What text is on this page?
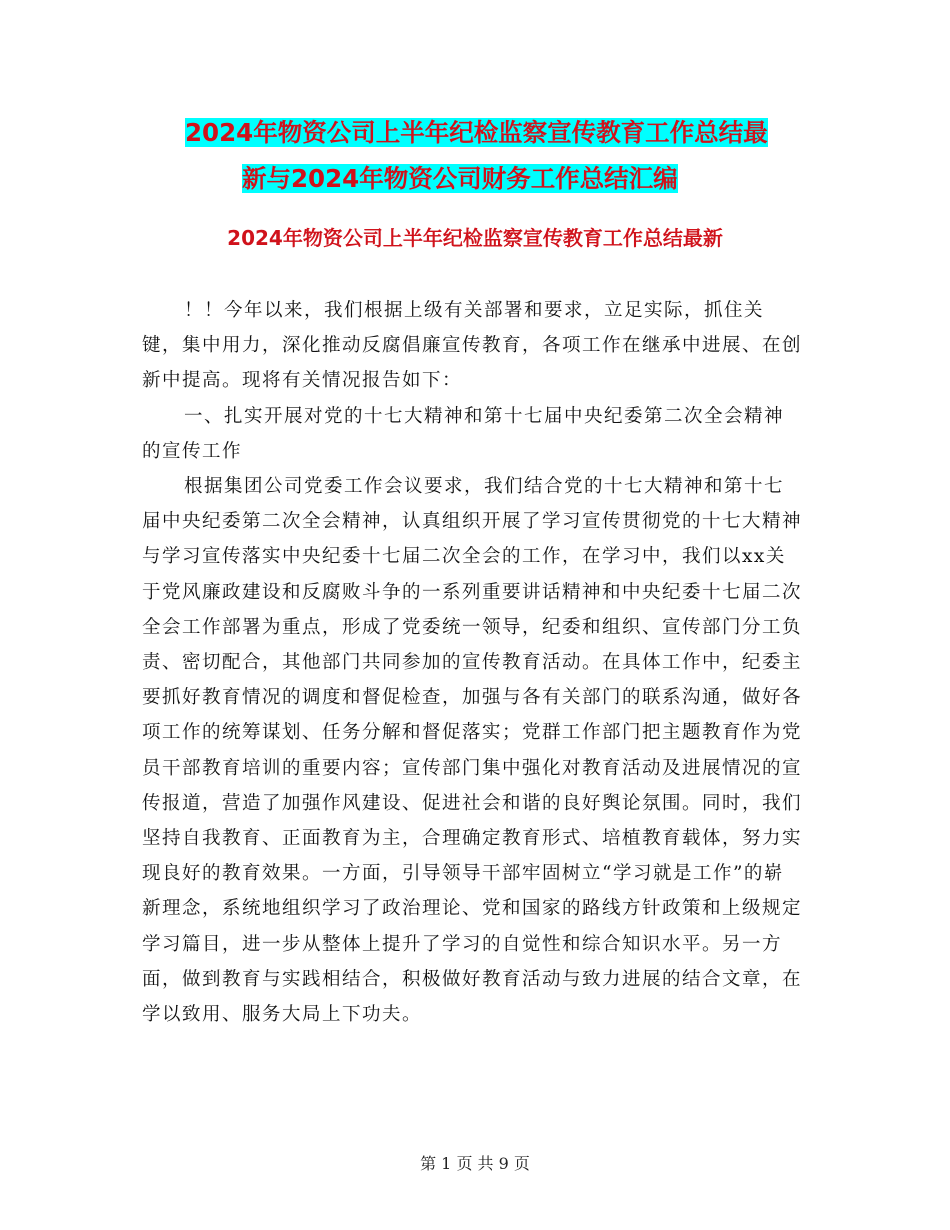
2024年物资公司上半年纪检监察宣传教育工作总结最
新与2024年物资公司财务工作总结汇编
2024年物资公司上半年纪检监察宣传教育工作总结最新

！！今年以来，我们根据上级有关部署和要求，立足实际，抓住关键，集中用力，深化推动反腐倡廉宣传教育，各项工作在继承中进展、在创新中提高。现将有关情况报告如下：

一、扎实开展对党的十七大精神和第十七届中央纪委第二次全会精神的宣传工作

根据集团公司党委工作会议要求，我们结合党的十七大精神和第十七届中央纪委第二次全会精神，认真组织开展了学习宣传贯彻党的十七大精神与学习宣传落实中央纪委十七届二次全会的工作，在学习中，我们以xx关于党风廉政建设和反腐败斗争的一系列重要讲话精神和中央纪委十七届二次全会工作部署为重点，形成了党委统一领导，纪委和组织、宣传部门分工负责、密切配合，其他部门共同参加的宣传教育活动。在具体工作中，纪委主要抓好教育情况的调度和督促检查，加强与各有关部门的联系沟通，做好各项工作的统筹谋划、任务分解和督促落实；党群工作部门把主题教育作为党员干部教育培训的重要内容；宣传部门集中强化对教育活动及进展情况的宣传报道，营造了加强作风建设、促进社会和谐的良好舆论氛围。同时，我们坚持自我教育、正面教育为主，合理确定教育形式、培植教育载体，努力实现良好的教育效果。一方面，引导领导干部牢固树立“学习就是工作”的崭新理念，系统地组织学习了政治理论、党和国家的路线方针政策和上级规定学习篇目，进一步从整体上提升了学习的自觉性和综合知识水平。另一方面，做到教育与实践相结合，积极做好教育活动与致力进展的结合文章，在学以致用、服务大局上下功夫。

第 1 页 共 9 页
